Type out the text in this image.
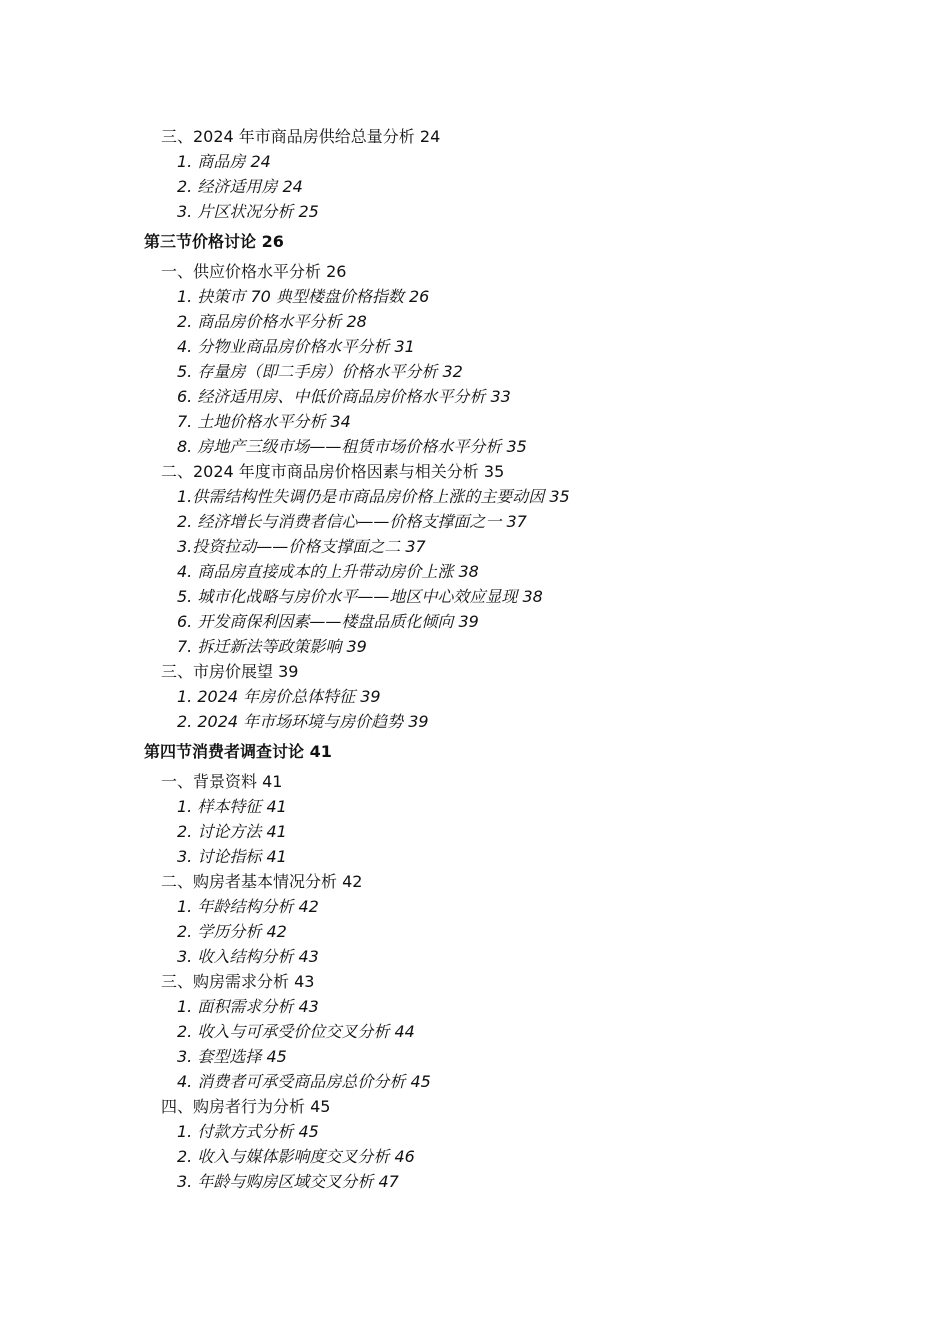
三、2024 年市商品房供给总量分析 24
1. 商品房 24
2. 经济适用房 24
3. 片区状况分析 25
第三节价格讨论 26
一、供应价格水平分析 26
1. 抉策市 70 典型楼盘价格指数 26
2. 商品房价格水平分析 28
4. 分物业商品房价格水平分析 31
5. 存量房（即二手房）价格水平分析 32
6. 经济适用房、中低价商品房价格水平分析 33
7. 土地价格水平分析 34
8. 房地产三级市场——租赁市场价格水平分析 35
二、2024 年度市商品房价格因素与相关分析 35
1.供需结构性失调仍是市商品房价格上涨的主要动因 35
2. 经济增长与消费者信心——价格支撑面之一 37
3.投资拉动——价格支撑面之二 37
4. 商品房直接成本的上升带动房价上涨 38
5. 城市化战略与房价水平——地区中心效应显现 38
6. 开发商保利因素——楼盘品质化倾向 39
7. 拆迁新法等政策影响 39
三、市房价展望 39
1. 2024 年房价总体特征 39
2. 2024 年市场环境与房价趋势 39
第四节消费者调查讨论 41
一、背景资料 41
1. 样本特征 41
2. 讨论方法 41
3. 讨论指标 41
二、购房者基本情况分析 42
1. 年龄结构分析 42
2. 学历分析 42
3. 收入结构分析 43
三、购房需求分析 43
1. 面积需求分析 43
2. 收入与可承受价位交叉分析 44
3. 套型选择 45
4. 消费者可承受商品房总价分析 45
四、购房者行为分析 45
1. 付款方式分析 45
2. 收入与媒体影响度交叉分析 46
3. 年龄与购房区域交叉分析 47
